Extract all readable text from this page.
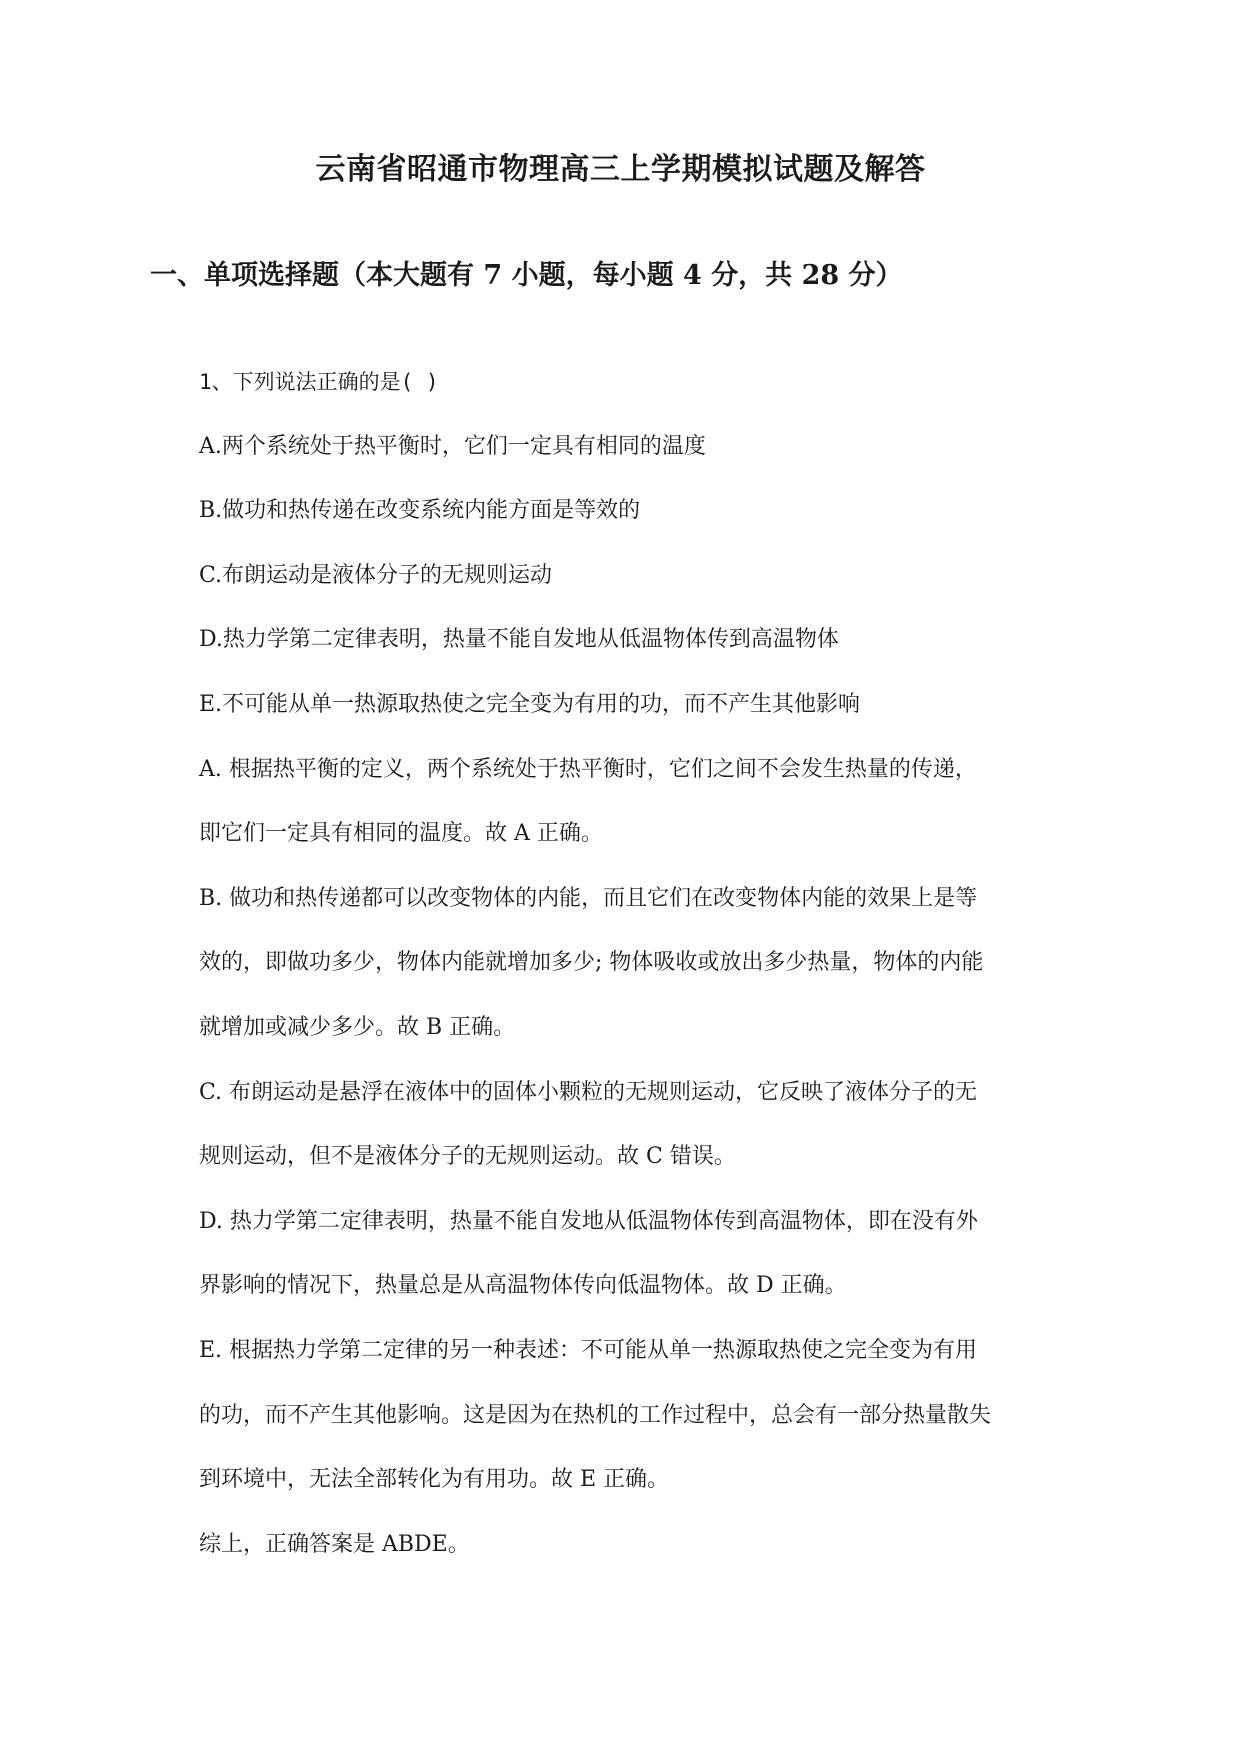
云南省昭通市物理高三上学期模拟试题及解答
一、单项选择题（本大题有 7 小题，每小题 4 分，共 28 分）

1、下列说法正确的是( )

A.两个系统处于热平衡时，它们一定具有相同的温度

B.做功和热传递在改变系统内能方面是等效的

C.布朗运动是液体分子的无规则运动

D.热力学第二定律表明，热量不能自发地从低温物体传到高温物体

E.不可能从单一热源取热使之完全变为有用的功，而不产生其他影响

A. 根据热平衡的定义，两个系统处于热平衡时，它们之间不会发生热量的传递，

即它们一定具有相同的温度。故 A 正确。

B. 做功和热传递都可以改变物体的内能，而且它们在改变物体内能的效果上是等

效的，即做功多少，物体内能就增加多少; 物体吸收或放出多少热量，物体的内能

就增加或减少多少。故 B 正确。

C. 布朗运动是悬浮在液体中的固体小颗粒的无规则运动，它反映了液体分子的无

规则运动，但不是液体分子的无规则运动。故 C 错误。

D. 热力学第二定律表明，热量不能自发地从低温物体传到高温物体，即在没有外

界影响的情况下，热量总是从高温物体传向低温物体。故 D 正确。

E. 根据热力学第二定律的另一种表述：不可能从单一热源取热使之完全变为有用

的功，而不产生其他影响。这是因为在热机的工作过程中，总会有一部分热量散失

到环境中，无法全部转化为有用功。故 E 正确。

综上，正确答案是 ABDE。
